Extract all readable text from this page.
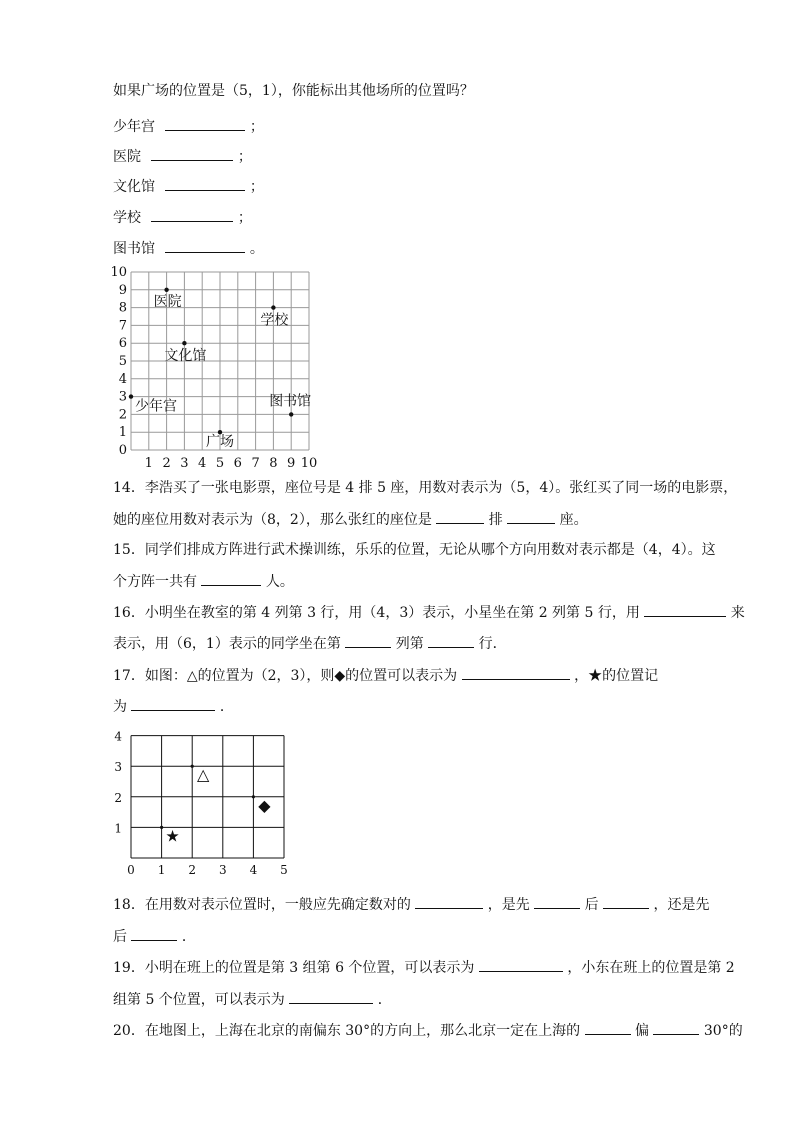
如果广场的位置是（5，1），你能标出其他场所的位置吗？
少年宫	；
医院	；
文化馆	；
学校	；
图书馆	。
1 2 3 4 5 6 7 8 9 10
0
1
2
3
4
5
6
7
8
9
10
医院
学校
文化馆
少年宫	图书馆
广场
14．李浩买了一张电影票，座位号是 4 排 5 座，用数对表示为（5，4）。张红买了同一场的电影票，
她的座位用数对表示为（8，2），那么张红的座位是	排	座。
15．同学们排成方阵进行武术操训练，乐乐的位置，无论从哪个方向用数对表示都是（4，4）。这
个方阵一共有	人。
16．小明坐在教室的第 4 列第 3 行，用（4，3）表示，小星坐在第 2 列第 5 行，用	来
表示，用（6，1）表示的同学坐在第	列第	行．
17．如图：△的位置为（2，3），则◆的位置可以表示为	，★的位置记
为	．
0 1 2 3 4 5
1
2
3
4
△
◆
★
18．在用数对表示位置时，一般应先确定数对的	，是先	后	，还是先
后	．
19．小明在班上的位置是第 3 组第 6 个位置，可以表示为	，小东在班上的位置是第 2
组第 5 个位置，可以表示为	．
20．在地图上，上海在北京的南偏东 30°的方向上，那么北京一定在上海的	偏	30°的
